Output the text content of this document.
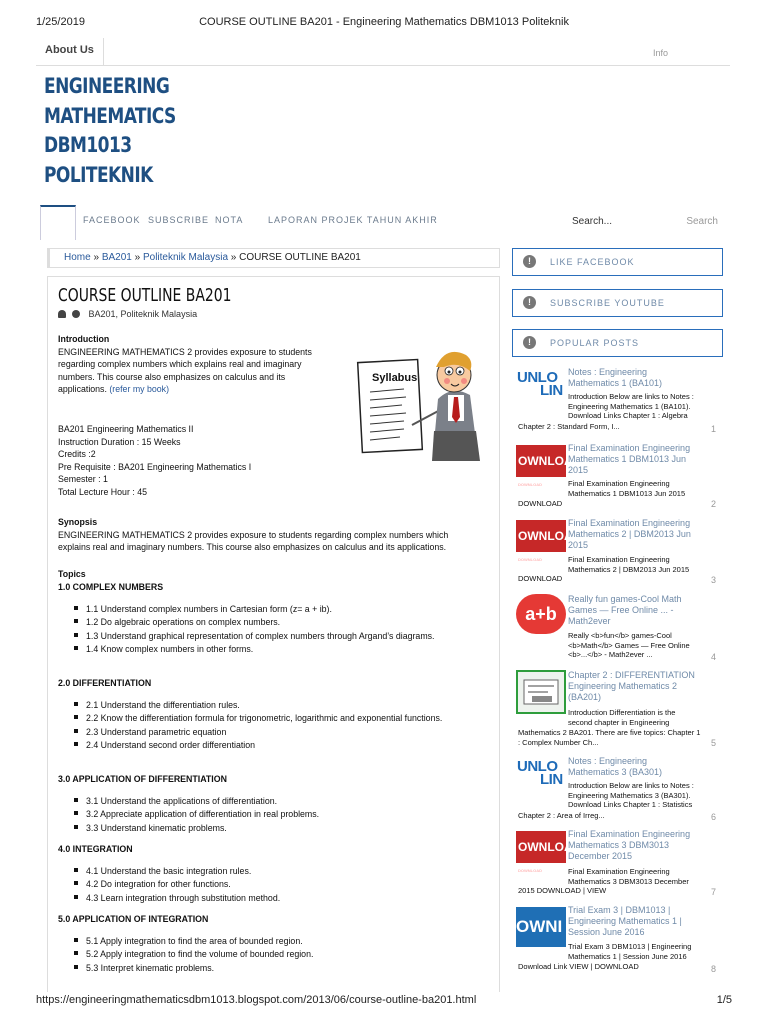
1/25/2019	COURSE OUTLINE BA201 - Engineering Mathematics DBM1013 Politeknik
About Us	Info
ENGINEERING
MATHEMATICS
DBM1013
POLITEKNIK
FACEBOOK SUBSCRIBE NOTA	LAPORAN PROJEK TAHUN AKHIR	Search...	Search
Home » BA201 » Politeknik Malaysia » COURSE OUTLINE BA201
COURSE OUTLINE BA201
BA201, Politeknik Malaysia
Introduction
ENGINEERING MATHEMATICS 2 provides exposure to students
regarding complex numbers which explains real and imaginary
numbers. This course also emphasizes on calculus and its
applications. (refer my book)
BA201 Engineering Mathematics II
Instruction Duration : 15 Weeks
Credits :2
Pre Requisite : BA201 Engineering Mathematics I
Semester : 1
Total Lecture Hour : 45
Synopsis
ENGINEERING MATHEMATICS 2 provides exposure to students regarding complex numbers which
explains real and imaginary numbers. This course also emphasizes on calculus and its applications.
Topics
1.0 COMPLEX NUMBERS
1.1 Understand complex numbers in Cartesian form (z= a + ib).
1.2 Do algebraic operations on complex numbers.
1.3 Understand graphical representation of complex numbers through Argand’s diagrams.
1.4 Know complex numbers in other forms.
2.0 DIFFERENTIATION
2.1 Understand the differentiation rules.
2.2 Know the differentiation formula for trigonometric, logarithmic and exponential functions.
2.3 Understand parametric equation
2.4 Understand second order differentiation
3.0 APPLICATION OF DIFFERENTIATION
3.1 Understand the applications of differentiation.
3.2 Appreciate application of differentiation in real problems.
3.3 Understand kinematic problems.
4.0 INTEGRATION
4.1 Understand the basic integration rules.
4.2 Do integration for other functions.
4.3 Learn integration through substitution method.
5.0 APPLICATION OF INTEGRATION
5.1 Apply integration to find the area of bounded region.
5.2 Apply integration to find the volume of bounded region.
5.3 Interpret kinematic problems.
Syllabus
!	LIKE FACEBOOK
!	SUBSCRIBE YOUTUBE
!	POPULAR POSTS
UNLO
LIN
Notes : Engineering
Mathematics 1 (BA101)
Introduction Below are links to Notes :
Engineering Mathematics 1 (BA101).
Download Links Chapter 1 : Algebra
Chapter 2 : Standard Form, I...	1
OWNLOA
DOWNLOAD
Final Examination Engineering
Mathematics 1 DBM1013 Jun
2015
Final Examination Engineering
Mathematics 1 DBM1013 Jun 2015
DOWNLOAD	2
OWNLOA
DOWNLOAD
Final Examination Engineering
Mathematics 2 | DBM2013 Jun
2015
Final Examination Engineering
Mathematics 2 | DBM2013 Jun 2015
DOWNLOAD	3
a+b
Really fun games-Cool Math
Games — Free Online ... -
Math2ever
Really <b>fun</b> games-Cool
<b>Math</b> Games — Free Online
<b>...</b> - Math2ever ...	4
Chapter 2 : DIFFERENTIATION
Engineering Mathematics 2
(BA201)
Introduction Differentiation is the
second chapter in Engineering
Mathematics 2 BA201. There are five topics: Chapter 1
: Complex Number Ch...	5
UNLO
LIN
Notes : Engineering
Mathematics 3 (BA301)
Introduction Below are links to Notes :
Engineering Mathematics 3 (BA301).
Download Links Chapter 1 : Statistics
Chapter 2 : Area of Irreg...	6
OWNLOA
DOWNLOAD
Final Examination Engineering
Mathematics 3 DBM3013
December 2015
Final Examination Engineering
Mathematics 3 DBM3013 December
2015 DOWNLOAD | VIEW	7
OWNI
Trial Exam 3 | DBM1013 |
Engineering Mathematics 1 |
Session June 2016
Trial Exam 3 DBM1013 | Engineering
Mathematics 1 | Session June 2016
Download Link VIEW | DOWNLOAD	8
https://engineeringmathematicsdbm1013.blogspot.com/2013/06/course-outline-ba201.html	1/5
